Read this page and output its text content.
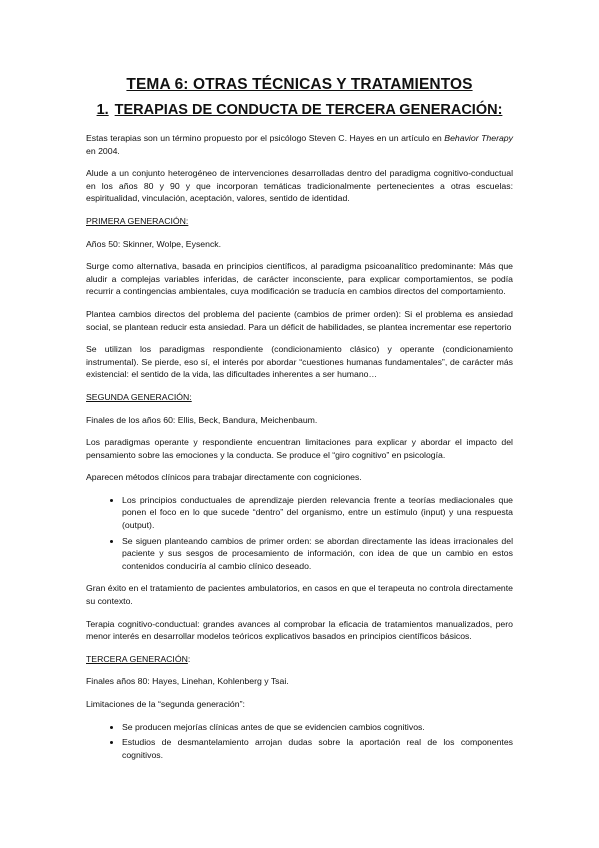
TEMA 6: OTRAS TÉCNICAS Y TRATAMIENTOS
1. TERAPIAS DE CONDUCTA DE TERCERA GENERACIÓN:

Estas terapias son un término propuesto por el psicólogo Steven C. Hayes en un artículo en Behavior Therapy en 2004.

Alude a un conjunto heterogéneo de intervenciones desarrolladas dentro del paradigma cognitivo-conductual en los años 80 y 90 y que incorporan temáticas tradicionalmente pertenecientes a otras escuelas: espiritualidad, vinculación, aceptación, valores, sentido de identidad.

PRIMERA GENERACIÓN:

Años 50: Skinner, Wolpe, Eysenck.

Surge como alternativa, basada en principios científicos, al paradigma psicoanalítico predominante: Más que aludir a complejas variables inferidas, de carácter inconsciente, para explicar comportamientos, se podía recurrir a contingencias ambientales, cuya modificación se traducía en cambios directos del comportamiento.

Plantea cambios directos del problema del paciente (cambios de primer orden): Si el problema es ansiedad social, se plantean reducir esta ansiedad. Para un déficit de habilidades, se plantea incrementar ese repertorio

Se utilizan los paradigmas respondiente (condicionamiento clásico) y operante (condicionamiento instrumental). Se pierde, eso sí, el interés por abordar “cuestiones humanas fundamentales”, de carácter más existencial: el sentido de la vida, las dificultades inherentes a ser humano…

SEGUNDA GENERACIÓN:

Finales de los años 60: Ellis, Beck, Bandura, Meichenbaum.

Los paradigmas operante y respondiente encuentran limitaciones para explicar y abordar el impacto del pensamiento sobre las emociones y la conducta. Se produce el “giro cognitivo” en psicología.

Aparecen métodos clínicos para trabajar directamente con cogniciones.

• Los principios conductuales de aprendizaje pierden relevancia frente a teorías mediacionales que ponen el foco en lo que sucede “dentro” del organismo, entre un estímulo (input) y una respuesta (output).
• Se siguen planteando cambios de primer orden: se abordan directamente las ideas irracionales del paciente y sus sesgos de procesamiento de información, con idea de que un cambio en estos contenidos conduciría al cambio clínico deseado.

Gran éxito en el tratamiento de pacientes ambulatorios, en casos en que el terapeuta no controla directamente su contexto.

Terapia cognitivo-conductual: grandes avances al comprobar la eficacia de tratamientos manualizados, pero menor interés en desarrollar modelos teóricos explicativos basados en principios científicos básicos.

TERCERA GENERACIÓN:

Finales años 80: Hayes, Linehan, Kohlenberg y Tsai.

Limitaciones de la “segunda generación”:

• Se producen mejorías clínicas antes de que se evidencien cambios cognitivos.
• Estudios de desmantelamiento arrojan dudas sobre la aportación real de los componentes cognitivos.
